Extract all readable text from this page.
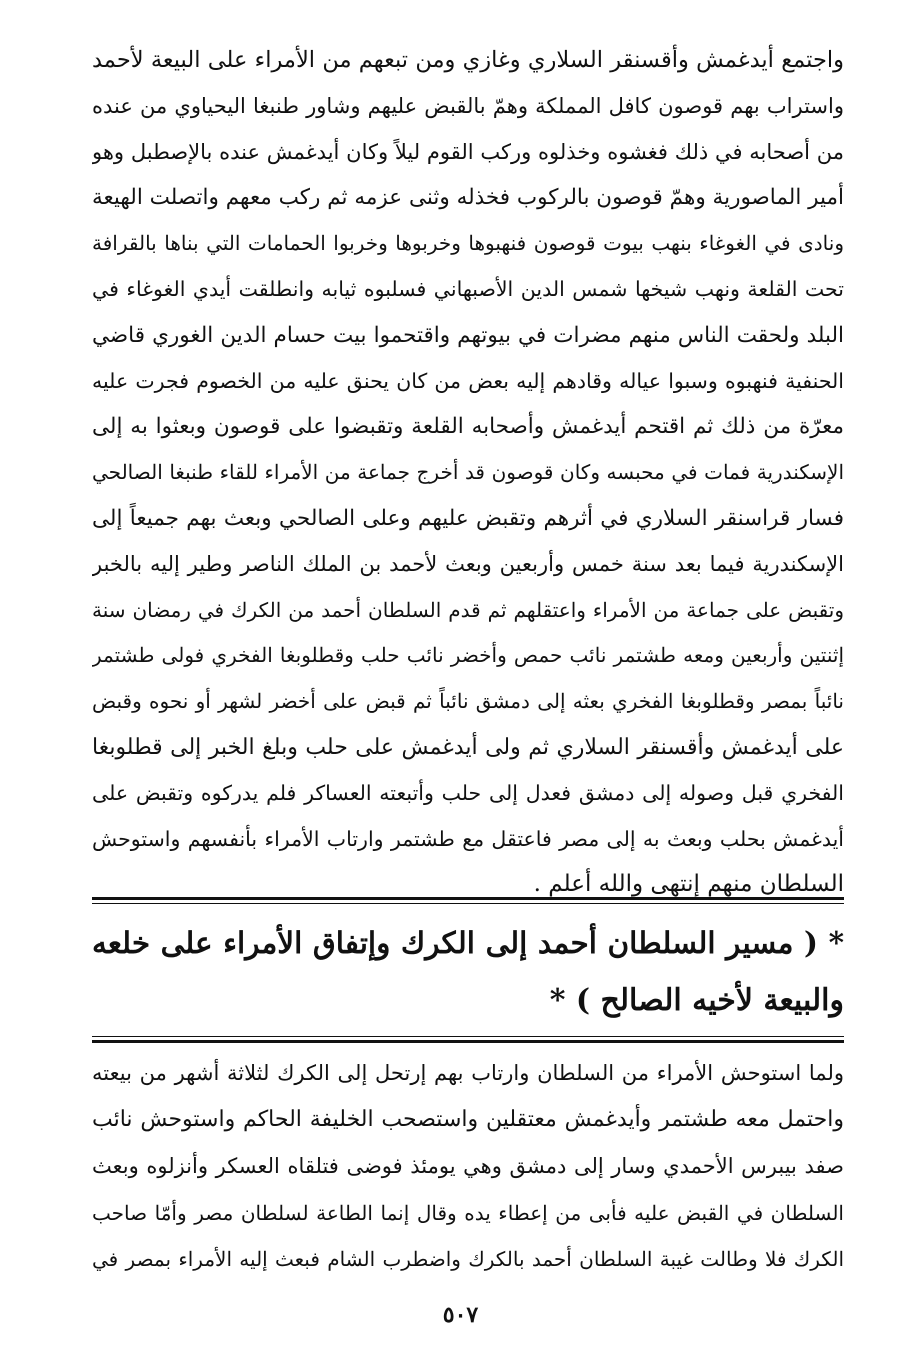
واجتمع أيدغمش وأقسنقر السلاري وغازي ومن تبعهم من الأمراء على البيعة لأحمد
واستراب بهم قوصون كافل المملكة وهمّ بالقبض عليهم وشاور طنبغا اليحياوي من عنده
من أصحابه في ذلك فغشوه وخذلوه وركب القوم ليلاً وكان أيدغمش عنده بالإصطبل وهو
أمير الماصورية وهمّ قوصون بالركوب فخذله وثنى عزمه ثم ركب معهم واتصلت الهيعة
ونادى في الغوغاء بنهب بيوت قوصون فنهبوها وخربوها وخربوا الحمامات التي بناها بالقرافة
تحت القلعة ونهب شيخها شمس الدين الأصبهاني فسلبوه ثيابه وانطلقت أيدي الغوغاء في
البلد ولحقت الناس منهم مضرات في بيوتهم واقتحموا بيت حسام الدين الغوري قاضي
الحنفية فنهبوه وسبوا عياله وقادهم إليه بعض من كان يحنق عليه من الخصوم فجرت عليه
معرّة من ذلك ثم اقتحم أيدغمش وأصحابه القلعة وتقبضوا على قوصون وبعثوا به إلى
الإسكندرية فمات في محبسه وكان قوصون قد أخرج جماعة من الأمراء للقاء طنبغا الصالحي
فسار قراسنقر السلاري في أثرهم وتقبض عليهم وعلى الصالحي وبعث بهم جميعاً إلى
الإسكندرية فيما بعد سنة خمس وأربعين وبعث لأحمد بن الملك الناصر وطير إليه بالخبر
وتقبض على جماعة من الأمراء واعتقلهم ثم قدم السلطان أحمد من الكرك في رمضان سنة
إثنتين وأربعين ومعه طشتمر نائب حمص وأخضر نائب حلب وقطلوبغا الفخري فولى طشتمر
نائباً بمصر وقطلوبغا الفخري بعثه إلى دمشق نائباً ثم قبض على أخضر لشهر أو نحوه وقبض
على أيدغمش وأقسنقر السلاري ثم ولى أيدغمش على حلب وبلغ الخبر إلى قطلوبغا
الفخري قبل وصوله إلى دمشق فعدل إلى حلب وأتبعته العساكر فلم يدركوه وتقبض على
أيدغمش بحلب وبعث به إلى مصر فاعتقل مع طشتمر وارتاب الأمراء بأنفسهم واستوحش
السلطان منهم إنتهى والله أعلم .
* ( مسير السلطان أحمد إلى الكرك وإتفاق الأمراء على خلعه
والبيعة لأخيه الصالح ) *
ولما استوحش الأمراء من السلطان وارتاب بهم إرتحل إلى الكرك لثلاثة أشهر من بيعته
واحتمل معه طشتمر وأيدغمش معتقلين واستصحب الخليفة الحاكم واستوحش نائب
صفد بيبرس الأحمدي وسار إلى دمشق وهي يومئذ فوضى فتلقاه العسكر وأنزلوه وبعث
السلطان في القبض عليه فأبى من إعطاء يده وقال إنما الطاعة لسلطان مصر وأمّا صاحب
الكرك فلا وطالت غيبة السلطان أحمد بالكرك واضطرب الشام فبعث إليه الأمراء بمصر في
٥٠٧
